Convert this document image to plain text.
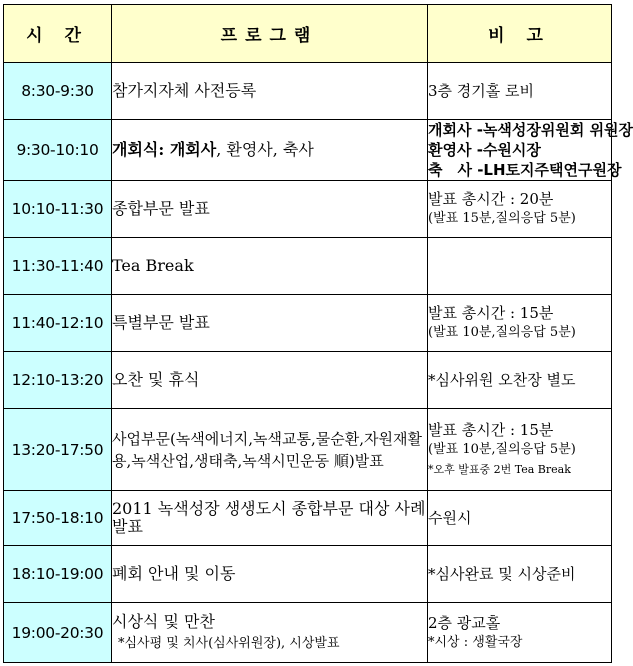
시 간	프로그램	비 고
8:30-9:30	참가지자체 사전등록	3층 경기홀 로비
9:30-10:10	개회식: 개회사, 환영사, 축사	개회사 -녹색성장위원회 위원장
환영사 -수원시장
축　사 -LH토지주택연구원장

10:10-11:30	종합부문 발표	발표 총시간 : 20분
(발표 15분,질의응답 5분)

11:30-11:40	Tea Break	
11:40-12:10	특별부문 발표	발표 총시간 : 15분
(발표 10분,질의응답 5분)

12:10-13:20	오찬 및 휴식	*심사위원 오찬장 별도
13:20-17:50	사업부문(녹색에너지,녹색교통,물순환,자원재활용,녹색산업,생태축,녹색시민운동 順)발표	발표 총시간 : 15분
(발표 10분,질의응답 5분)
*오후 발표중 2번 Tea Break

17:50-18:10	2011 녹색성장 생생도시 종합부문 대상 사례발표	수원시
18:10-19:00	폐회 안내 및 이동	*심사완료 및 시상준비
19:00-20:30	시상식 및 만찬
*심사평 및 치사(심사위원장), 시상발표	2층 광교홀
*시상 : 생활국장
